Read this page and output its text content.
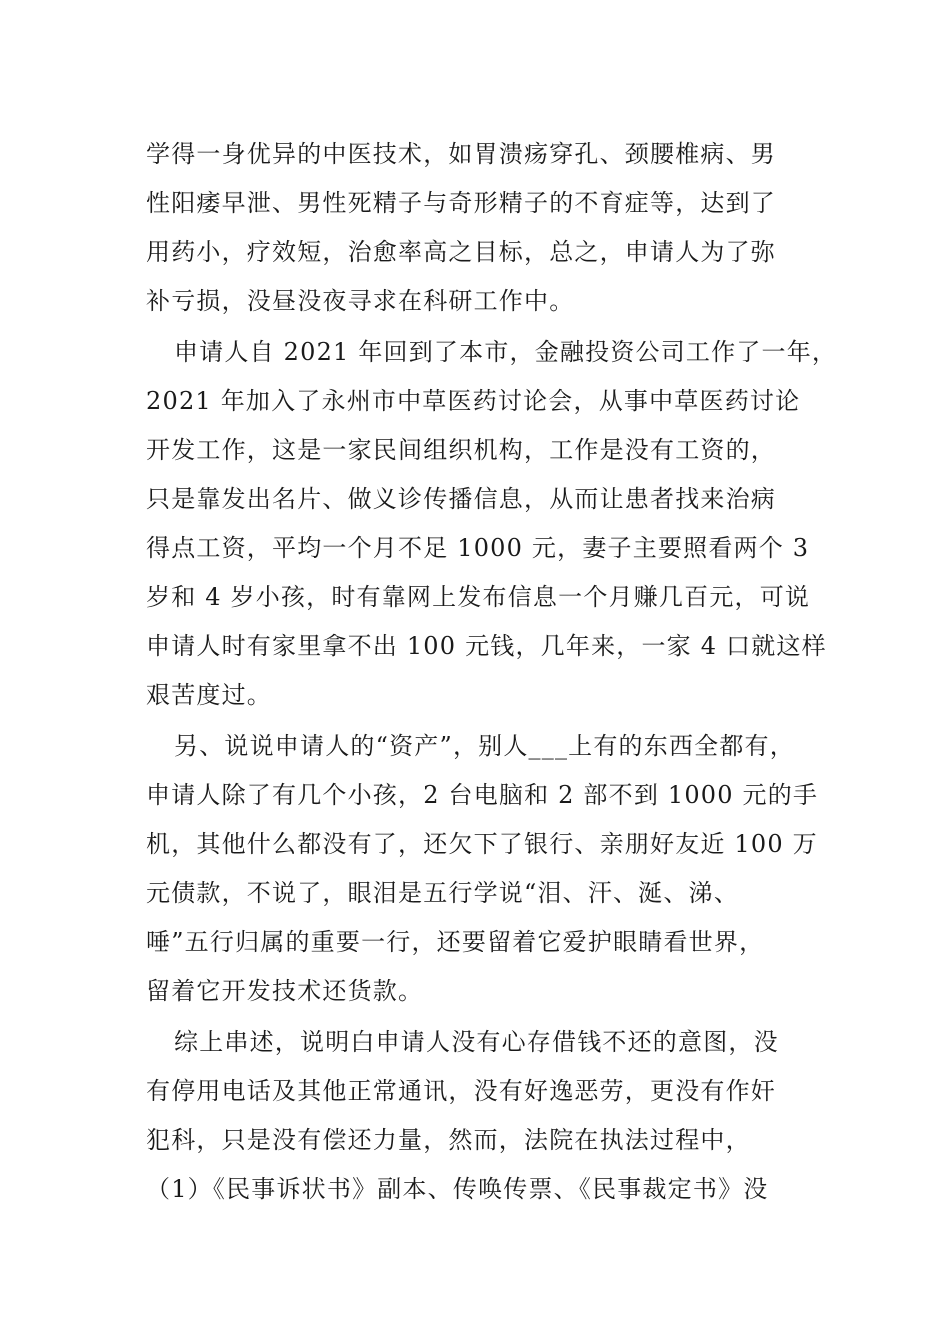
学得一身优异的中医技术，如胃溃疡穿孔、颈腰椎病、男
性阳痿早泄、男性死精子与奇形精子的不育症等，达到了
用药小，疗效短，治愈率高之目标，总之，申请人为了弥
补亏损，没昼没夜寻求在科研工作中。
申请人自 2021 年回到了本市，金融投资公司工作了一年，
2021 年加入了永州市中草医药讨论会，从事中草医药讨论
开发工作，这是一家民间组织机构，工作是没有工资的，
只是靠发出名片、做义诊传播信息，从而让患者找来治病
得点工资，平均一个月不足 1000 元，妻子主要照看两个 3
岁和 4 岁小孩，时有靠网上发布信息一个月赚几百元，可说
申请人时有家里拿不出 100 元钱，几年来，一家 4 口就这样
艰苦度过。
另、说说申请人的“资产”，别人___上有的东西全都有，
申请人除了有几个小孩，2 台电脑和 2 部不到 1000 元的手
机，其他什么都没有了，还欠下了银行、亲朋好友近 100 万
元债款，不说了，眼泪是五行学说“泪、汗、涎、涕、
唾”五行归属的重要一行，还要留着它爱护眼睛看世界，
留着它开发技术还货款。
综上串述，说明白申请人没有心存借钱不还的意图，没
有停用电话及其他正常通讯，没有好逸恶劳，更没有作奸
犯科，只是没有偿还力量，然而，法院在执法过程中，
（1）《民事诉状书》副本、传唤传票、《民事裁定书》没
